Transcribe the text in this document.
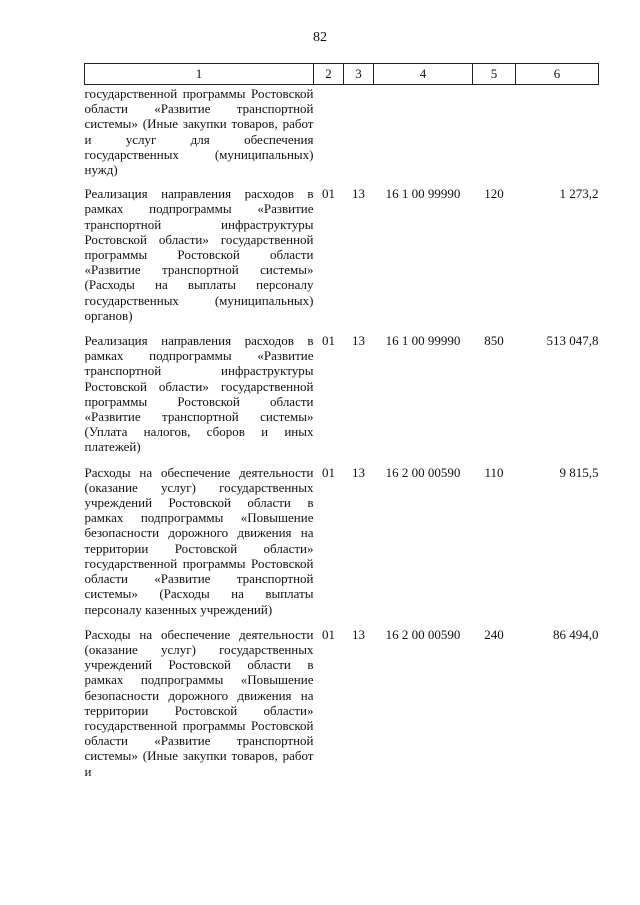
82
1	2	3	4	5	6
государственной программы Ростовской области «Развитие транспортной системы» (Иные закупки товаров, работ и услуг для обеспечения государственных (муниципальных) нужд)					
Реализация направления расходов в рамках подпрограммы «Развитие транспортной инфраструктуры Ростовской области» государственной программы Ростовской области «Развитие транспортной системы» (Расходы на выплаты персоналу государственных (муниципальных) органов)	01	13	16 1 00 99990	120	1 273,2
Реализация направления расходов в рамках подпрограммы «Развитие транспортной инфраструктуры Ростовской области» государственной программы Ростовской области «Развитие транспортной системы» (Уплата налогов, сборов и иных платежей)	01	13	16 1 00 99990	850	513 047,8
Расходы на обеспечение деятельности (оказание услуг) государственных учреждений Ростовской области в рамках подпрограммы «Повышение безопасности дорожного движения на территории Ростовской области» государственной программы Ростовской области «Развитие транспортной системы» (Расходы на выплаты персоналу казенных учреждений)	01	13	16 2 00 00590	110	9 815,5
Расходы на обеспечение деятельности (оказание услуг) государственных учреждений Ростовской области в рамках подпрограммы «Повышение безопасности дорожного движения на территории Ростовской области» государственной программы Ростовской области «Развитие транспортной системы» (Иные закупки товаров, работ и	01	13	16 2 00 00590	240	86 494,0
